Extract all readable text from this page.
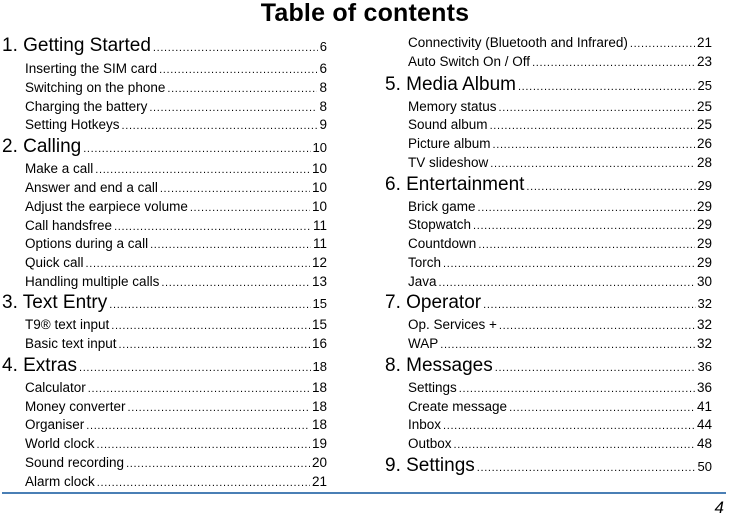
Table of contents
1. Getting Started . . .	6
Inserting the SIM card . . .	6
Switching on the phone . . .	8
Charging the battery . . .	8
Setting Hotkeys . . .	9
2. Calling . . .	10
Make a call . . .	10
Answer and end a call . . .	10
Adjust the earpiece volume . . .	10
Call handsfree . . .	11
Options during a call . . .	11
Quick call . . .	12
Handling multiple calls . . .	13
3. Text Entry . . .	15
T9® text input . . .	15
Basic text input . . .	16
4. Extras . . .	18
Calculator . . .	18
Money converter . . .	18
Organiser . . .	18
World clock . . .	19
Sound recording . . .	20
Alarm clock . . .	21
Connectivity (Bluetooth and Infrared) . . .	21
Auto Switch On / Off . . .	23
5. Media Album . . .	25
Memory status . . .	25
Sound album . . .	25
Picture album . . .	26
TV slideshow . . .	28
6. Entertainment . . .	29
Brick game . . .	29
Stopwatch . . .	29
Countdown . . .	29
Torch . . .	29
Java . . .	30
7. Operator . . .	32
Op. Services + . . .	32
WAP . . .	32
8. Messages . . .	36
Settings . . .	36
Create message . . .	41
Inbox . . .	44
Outbox . . .	48
9. Settings . . .	50
4
